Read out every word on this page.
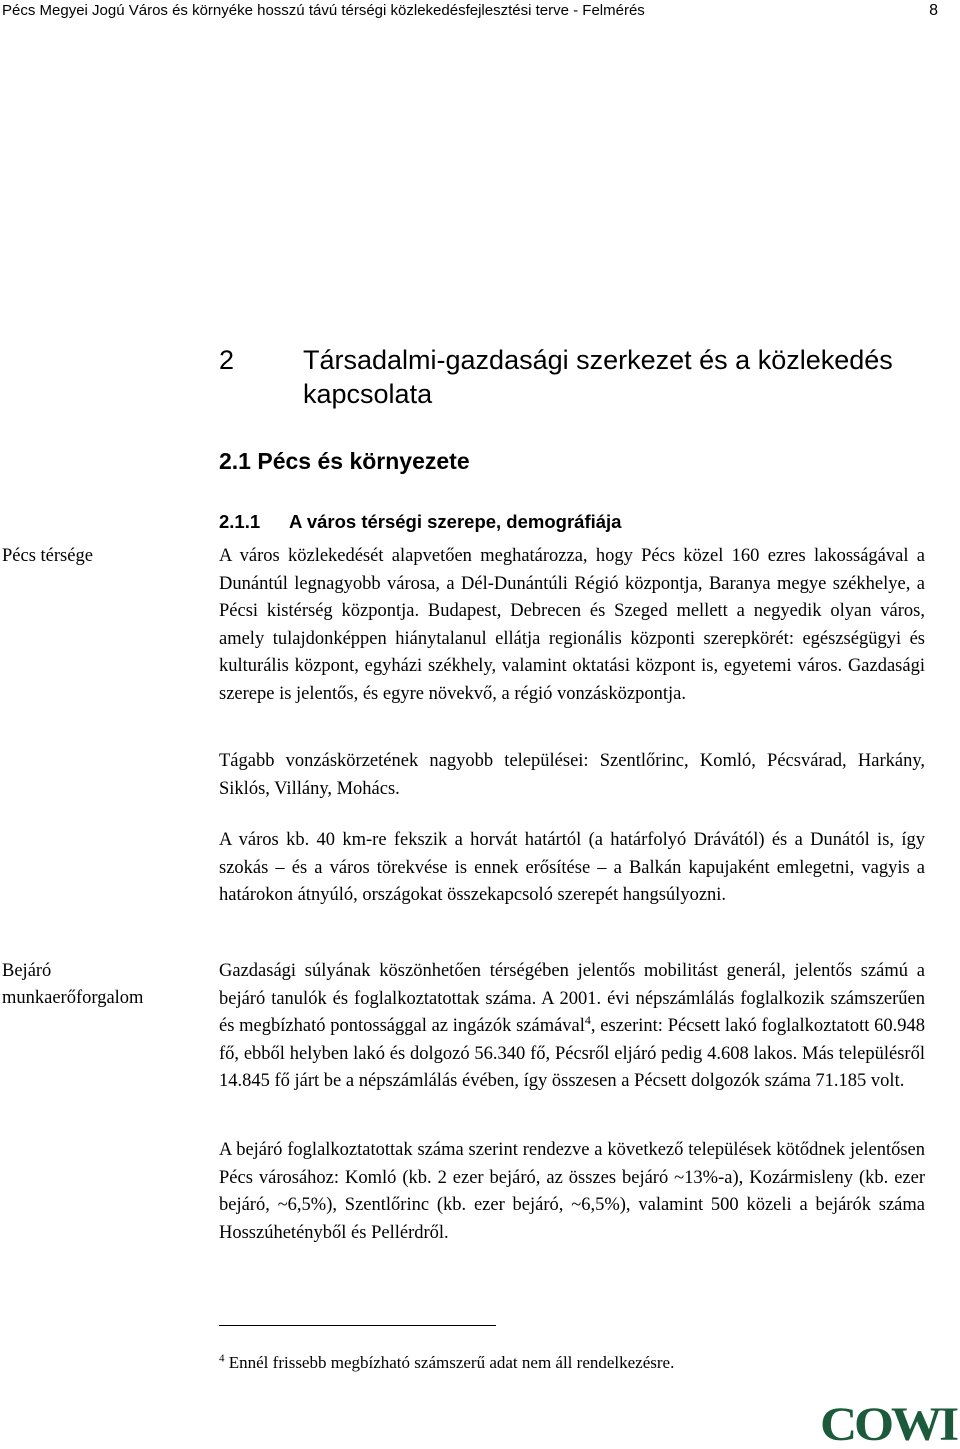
Pécs Megyei Jogú Város és környéke hosszú távú térségi közlekedésfejlesztési terve - Felmérés	8
2	Társadalmi-gazdasági szerkezet és a közlekedés kapcsolata
2.1 Pécs és környezete
2.1.1 A város térségi szerepe, demográfiája
Pécs térsége	A város közlekedését alapvetően meghatározza, hogy Pécs közel 160 ezres lakosságával a Dunántúl legnagyobb városa, a Dél-Dunántúli Régió központja, Baranya megye székhelye, a Pécsi kistérség központja. Budapest, Debrecen és Szeged mellett a negyedik olyan város, amely tulajdonképpen hiánytalanul ellátja regionális központi szerepkörét: egészségügyi és kulturális központ, egyházi székhely, valamint oktatási központ is, egyetemi város. Gazdasági szerepe is jelentős, és egyre növekvő, a régió vonzásközpontja.
Tágabb vonzáskörzetének nagyobb települései: Szentlőrinc, Komló, Pécsvárad, Harkány, Siklós, Villány, Mohács.
A város kb. 40 km-re fekszik a horvát határtól (a határfolyó Drávától) és a Dunától is, így szokás – és a város törekvése is ennek erősítése – a Balkán kapujaként emlegetni, vagyis a határokon átnyúló, országokat összekapcsoló szerepét hangsúlyozni.
Bejáró
munkaerőforgalom
Gazdasági súlyának köszönhetően térségében jelentős mobilitást generál, jelentős számú a bejáró tanulók és foglalkoztatottak száma. A 2001. évi népszámlálás foglalkozik számszerűen és megbízható pontossággal az ingázók számával$^4$, eszerint: Pécsett lakó foglalkoztatott 60.948 fő, ebből helyben lakó és dolgozó 56.340 fő, Pécsről eljáró pedig 4.608 lakos. Más településről 14.845 fő járt be a népszámlálás évében, így összesen a Pécsett dolgozók száma 71.185 volt.
A bejáró foglalkoztatottak száma szerint rendezve a következő települések kötődnek jelentősen Pécs városához: Komló (kb. 2 ezer bejáró, az összes bejáró ~13%-a), Kozármisleny (kb. ezer bejáró, ~6,5%), Szentlőrinc (kb. ezer bejáró, ~6,5%), valamint 500 közeli a bejárók száma Hosszúhetényből és Pellérdről.
$^4$ Ennél frissebb megbízható számszerű adat nem áll rendelkezésre.
COWI
